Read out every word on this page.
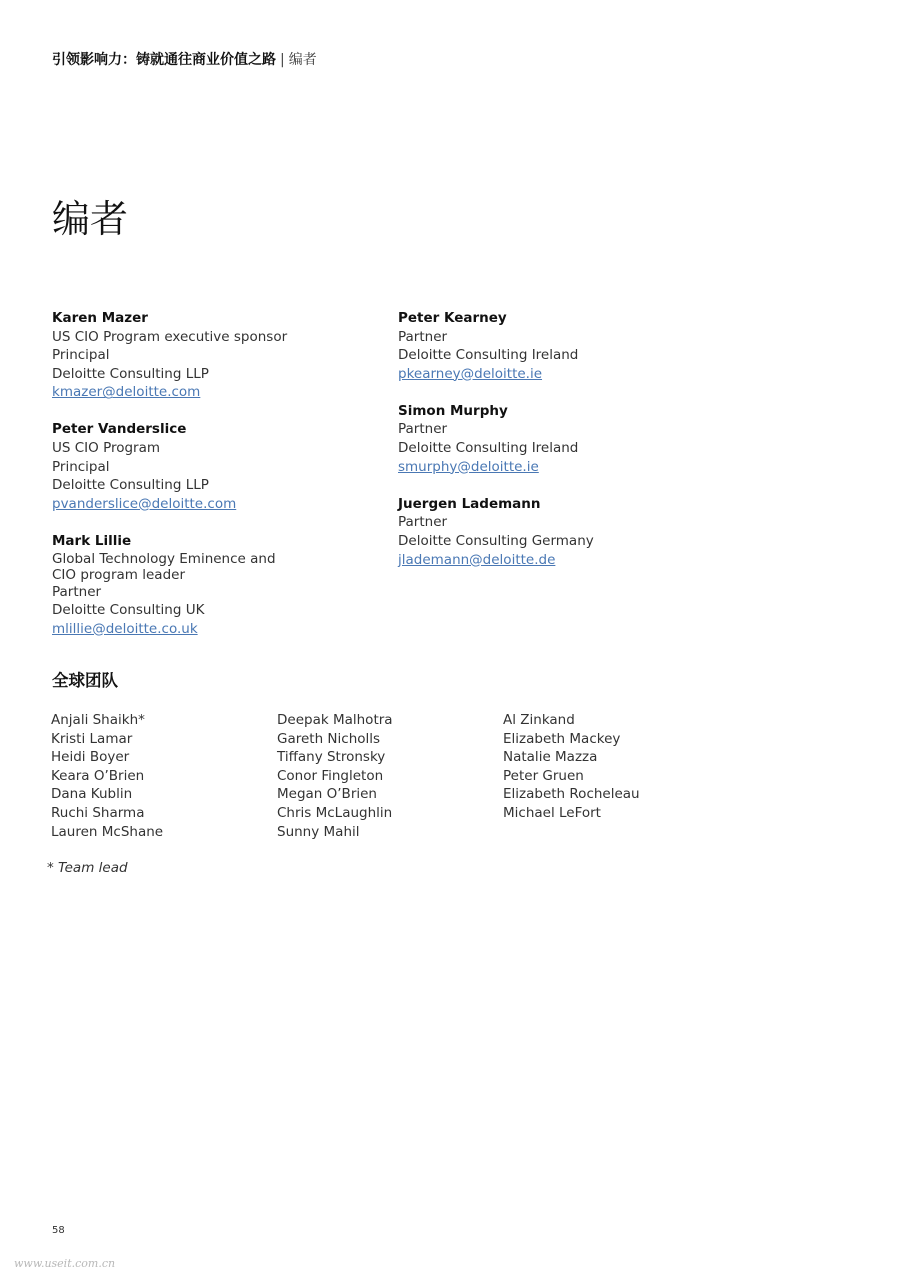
引领影响力：铸就通往商业价值之路 | 编者
编者
Karen Mazer
US CIO Program executive sponsor
Principal
Deloitte Consulting LLP
kmazer@deloitte.com
Peter Vanderslice
US CIO Program
Principal
Deloitte Consulting LLP
pvanderslice@deloitte.com
Mark Lillie
Global Technology Eminence and
CIO program leader
Partner
Deloitte Consulting UK
mlillie@deloitte.co.uk
Peter Kearney
Partner
Deloitte Consulting Ireland
pkearney@deloitte.ie
Simon Murphy
Partner
Deloitte Consulting Ireland
smurphy@deloitte.ie
Juergen Lademann
Partner
Deloitte Consulting Germany
jlademann@deloitte.de
全球团队
Anjali Shaikh*
Kristi Lamar
Heidi Boyer
Keara O’Brien
Dana Kublin
Ruchi Sharma
Lauren McShane
Deepak Malhotra
Gareth Nicholls
Tiffany Stronsky
Conor Fingleton
Megan O’Brien
Chris McLaughlin
Sunny Mahil
Al Zinkand
Elizabeth Mackey
Natalie Mazza
Peter Gruen
Elizabeth Rocheleau
Michael LeFort
* Team lead
58
www.useit.com.cn
